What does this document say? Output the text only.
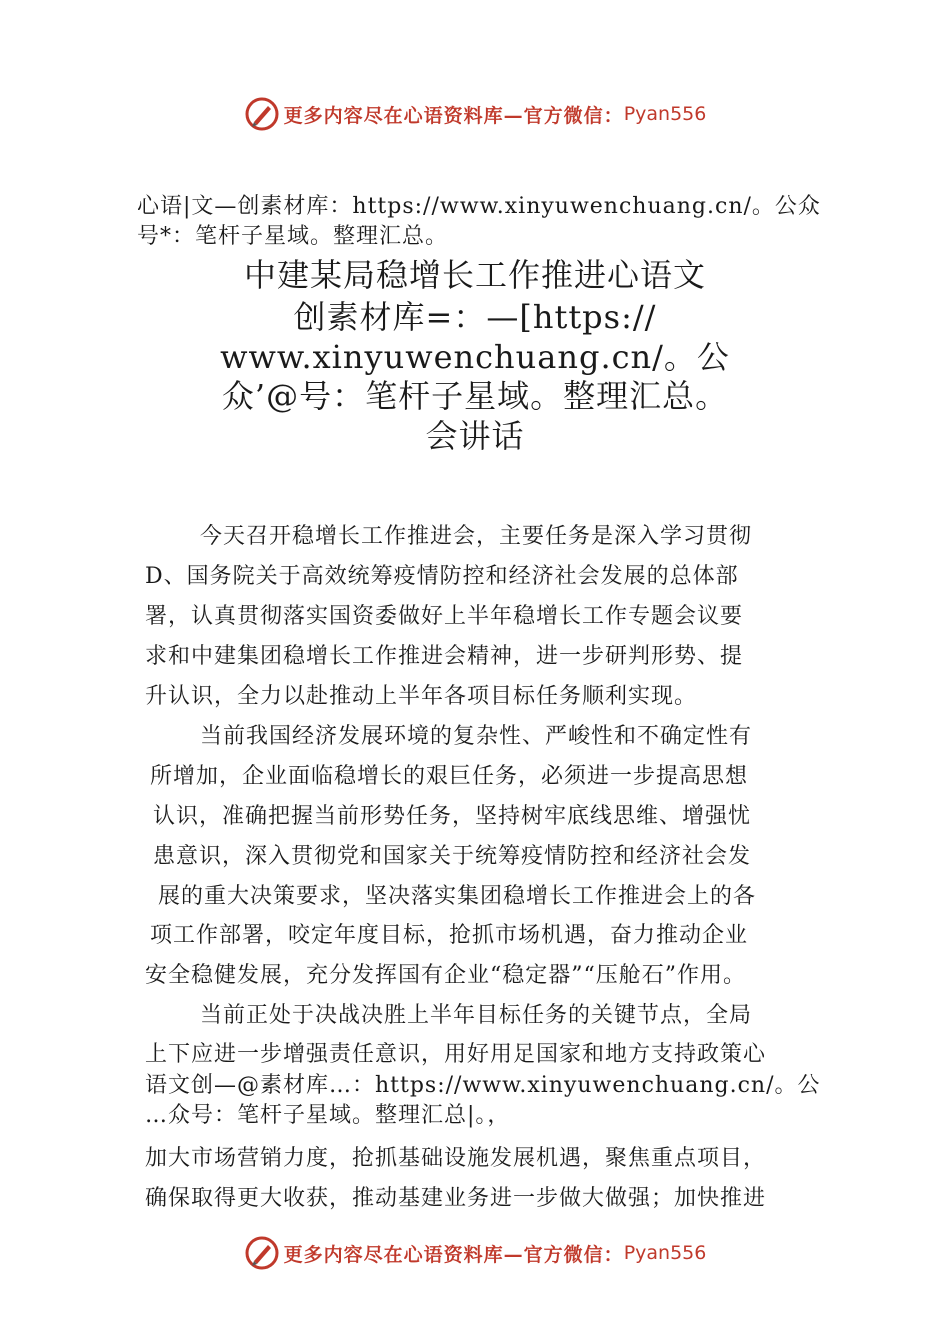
更多内容尽在心语资料库— 官方微信： Pyan556
心语|文—创素材库：https://www.xinyuwenchuang.cn/。公众
号*：笔杆子星域。整理汇总。
中建某局稳增长工作推进心语文
创素材库=：—[https://
www.xinyuwenchuang.cn/。公
众’@号：笔杆子星域。整理汇总。
会讲话
今天召开稳增长工作推进会，主要任务是深入学习贯彻
D、国务院关于高效统筹疫情防控和经济社会发展的总体部
署，认真贯彻落实国资委做好上半年稳增长工作专题会议要
求和中建集团稳增长工作推进会精神，进一步研判形势、提
升认识，全力以赴推动上半年各项目标任务顺利实现。
当前我国经济发展环境的复杂性、严峻性和不确定性有
所增加，企业面临稳增长的艰巨任务，必须进一步提高思想
认识，准确把握当前形势任务，坚持树牢底线思维、增强忧
患意识，深入贯彻党和国家关于统筹疫情防控和经济社会发
展的重大决策要求，坚决落实集团稳增长工作推进会上的各
项工作部署，咬定年度目标，抢抓市场机遇，奋力推动企业
安全稳健发展，充分发挥国有企业“稳定器”“压舱石”作用。
当前正处于决战决胜上半年目标任务的关键节点，全局
上下应进一步增强责任意识，用好用足国家和地方支持政策心
语文创—@素材库…：https://www.xinyuwenchuang.cn/。公
…众号：笔杆子星域。整理汇总|。，
加大市场营销力度，抢抓基础设施发展机遇，聚焦重点项目，
确保取得更大收获，推动基建业务进一步做大做强；加快推进
更多内容尽在心语资料库— 官方微信： Pyan556
